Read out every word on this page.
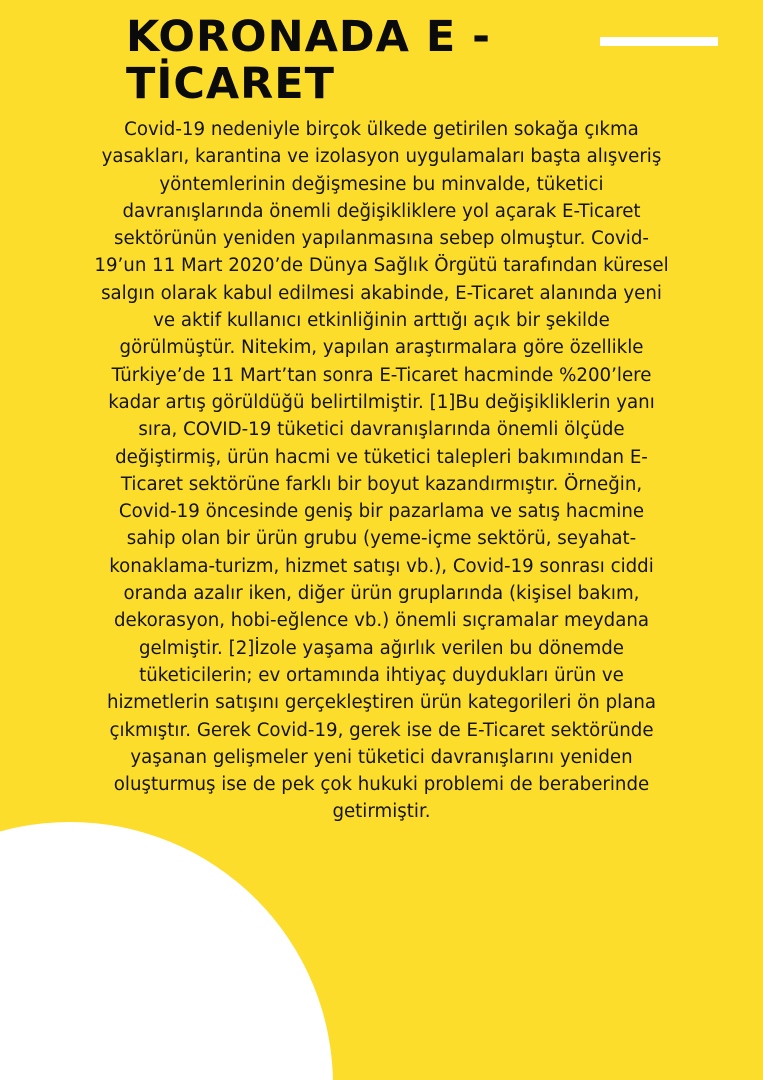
KORONADA E -
TİCARET
Covid-19 nedeniyle birçok ülkede getirilen sokağa çıkma
yasakları, karantina ve izolasyon uygulamaları başta alışveriş
yöntemlerinin değişmesine bu minvalde, tüketici
davranışlarında önemli değişikliklere yol açarak E-Ticaret
sektörünün yeniden yapılanmasına sebep olmuştur. Covid-
19’un 11 Mart 2020’de Dünya Sağlık Örgütü tarafından küresel
salgın olarak kabul edilmesi akabinde, E-Ticaret alanında yeni
ve aktif kullanıcı etkinliğinin arttığı açık bir şekilde
görülmüştür. Nitekim, yapılan araştırmalara göre özellikle
Türkiye’de 11 Mart’tan sonra E-Ticaret hacminde %200’lere
kadar artış görüldüğü belirtilmiştir. [1]Bu değişikliklerin yanı
sıra, COVID-19 tüketici davranışlarında önemli ölçüde
değiştirmiş, ürün hacmi ve tüketici talepleri bakımından E-
Ticaret sektörüne farklı bir boyut kazandırmıştır. Örneğin,
Covid-19 öncesinde geniş bir pazarlama ve satış hacmine
sahip olan bir ürün grubu (yeme-içme sektörü, seyahat-
konaklama-turizm, hizmet satışı vb.), Covid-19 sonrası ciddi
oranda azalır iken, diğer ürün gruplarında (kişisel bakım,
dekorasyon, hobi-eğlence vb.) önemli sıçramalar meydana
gelmiştir. [2]İzole yaşama ağırlık verilen bu dönemde
tüketicilerin; ev ortamında ihtiyaç duydukları ürün ve
hizmetlerin satışını gerçekleştiren ürün kategorileri ön plana
çıkmıştır. Gerek Covid-19, gerek ise de E-Ticaret sektöründe
yaşanan gelişmeler yeni tüketici davranışlarını yeniden
oluşturmuş ise de pek çok hukuki problemi de beraberinde
getirmiştir.
